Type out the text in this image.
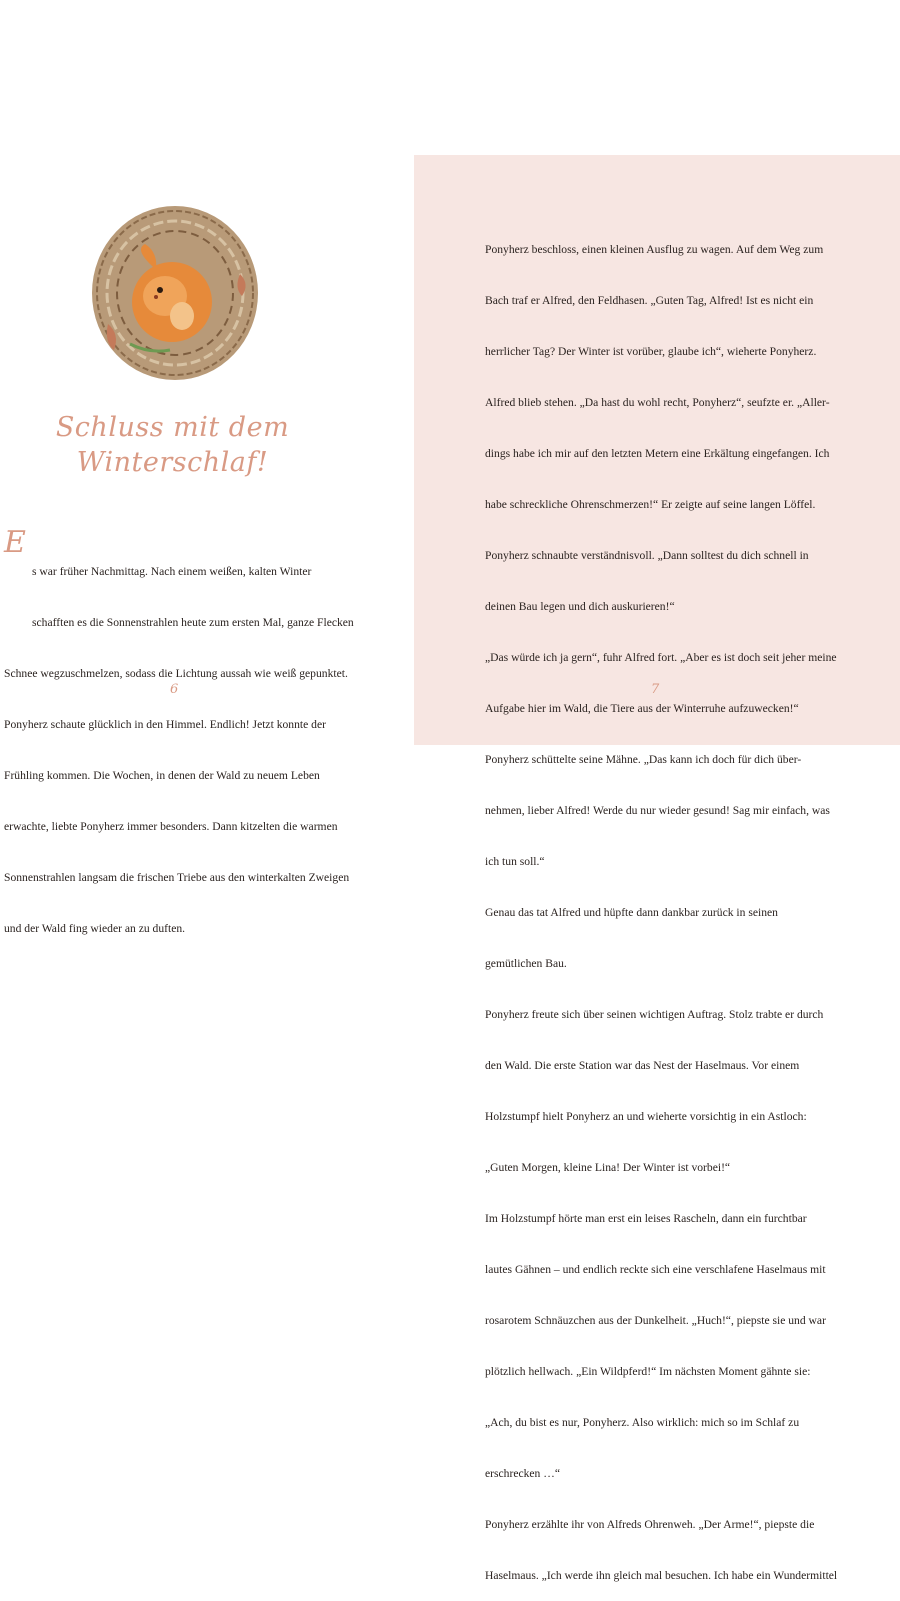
Schluss mit dem
Winterschlaf!
E

s war früher Nachmittag. Nach einem weißen, kalten Winter

schafften es die Sonnenstrahlen heute zum ersten Mal, ganze Flecken

Schnee wegzuschmelzen, sodass die Lichtung aussah wie weiß gepunktet.

Ponyherz schaute glücklich in den Himmel. Endlich! Jetzt konnte der

Frühling kommen. Die Wochen, in denen der Wald zu neuem Leben

erwachte, liebte Ponyherz immer besonders. Dann kitzelten die warmen

Sonnenstrahlen langsam die frischen Triebe aus den winterkalten Zweigen

und der Wald fing wieder an zu duften.

6

Ponyherz beschloss, einen kleinen Ausflug zu wagen. Auf dem Weg zum

Bach traf er Alfred, den Feldhasen. „Guten Tag, Alfred! Ist es nicht ein

herrlicher Tag? Der Winter ist vorüber, glaube ich“, wieherte Ponyherz.

Alfred blieb stehen. „Da hast du wohl recht, Ponyherz“, seufzte er. „Aller-

dings habe ich mir auf den letzten Metern eine Erkältung eingefangen. Ich

habe schreckliche Ohrenschmerzen!“ Er zeigte auf seine langen Löffel.

Ponyherz schnaubte verständnisvoll. „Dann solltest du dich schnell in

deinen Bau legen und dich auskurieren!“

„Das würde ich ja gern“, fuhr Alfred fort. „Aber es ist doch seit jeher meine

Aufgabe hier im Wald, die Tiere aus der Winterruhe aufzuwecken!“

Ponyherz schüttelte seine Mähne. „Das kann ich doch für dich über-

nehmen, lieber Alfred! Werde du nur wieder gesund! Sag mir einfach, was

ich tun soll.“

Genau das tat Alfred und hüpfte dann dankbar zurück in seinen

gemütlichen Bau.

Ponyherz freute sich über seinen wichtigen Auftrag. Stolz trabte er durch

den Wald. Die erste Station war das Nest der Haselmaus. Vor einem

Holzstumpf hielt Ponyherz an und wieherte vorsichtig in ein Astloch:

„Guten Morgen, kleine Lina! Der Winter ist vorbei!“

Im Holzstumpf hörte man erst ein leises Rascheln, dann ein furchtbar

lautes Gähnen – und endlich reckte sich eine verschlafene Haselmaus mit

rosarotem Schnäuzchen aus der Dunkelheit. „Huch!“, piepste sie und war

plötzlich hellwach. „Ein Wildpferd!“ Im nächsten Moment gähnte sie:

„Ach, du bist es nur, Ponyherz. Also wirklich: mich so im Schlaf zu

erschrecken …“

Ponyherz erzählte ihr von Alfreds Ohrenweh. „Der Arme!“, piepste die

Haselmaus. „Ich werde ihn gleich mal besuchen. Ich habe ein Wundermittel

7
